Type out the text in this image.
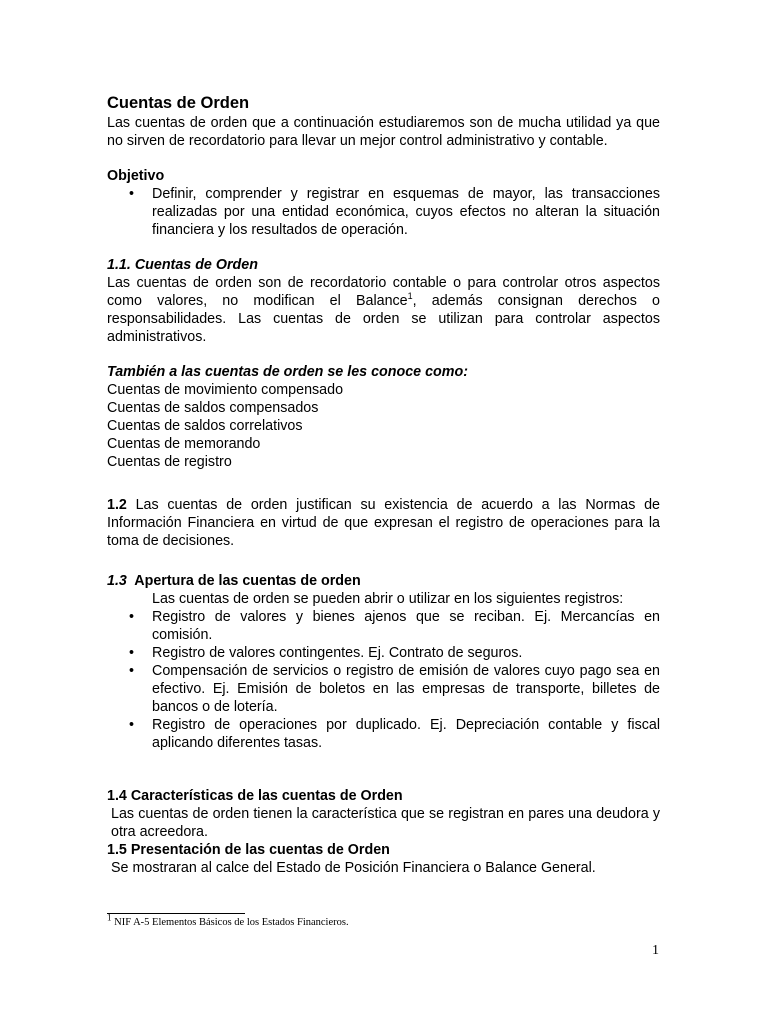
Cuentas de Orden

Las cuentas de orden que a continuación estudiaremos son de mucha utilidad ya que no sirven de recordatorio para llevar un mejor control administrativo y contable.

Objetivo

• Definir, comprender y registrar en esquemas de mayor, las transacciones realizadas por una entidad económica, cuyos efectos no alteran la situación financiera y los resultados de operación.

1.1. Cuentas de Orden

Las cuentas de orden son de recordatorio contable o para controlar otros aspectos como valores, no modifican el Balance$^1$, además consignan derechos o responsabilidades. Las cuentas de orden se utilizan para controlar aspectos administrativos.

También a las cuentas de orden se les conoce como:

Cuentas de movimiento compensado

Cuentas de saldos compensados

Cuentas de saldos correlativos

Cuentas de memorando

Cuentas de registro

1.2 Las cuentas de orden justifican su existencia de acuerdo a las Normas de Información Financiera en virtud de que expresan el registro de operaciones para la toma de decisiones.

1.3  Apertura de las cuentas de orden

Las cuentas de orden se pueden abrir o utilizar en los siguientes registros:

• Registro de valores y bienes ajenos que se reciban. Ej. Mercancías en comisión.
• Registro de valores contingentes. Ej. Contrato de seguros.
• Compensación de servicios o registro de emisión de valores cuyo pago sea en efectivo. Ej. Emisión de boletos en las empresas de transporte, billetes de bancos o de lotería.
• Registro de operaciones por duplicado. Ej. Depreciación contable y fiscal aplicando diferentes tasas.

1.4 Características de las cuentas de Orden

Las cuentas de orden tienen la característica que se registran en pares una deudora y otra acreedora.

1.5 Presentación de las cuentas de Orden

Se mostraran al calce del Estado de Posición Financiera o Balance General.

$^1$ NIF A-5 Elementos Básicos de los Estados Financieros.
1
